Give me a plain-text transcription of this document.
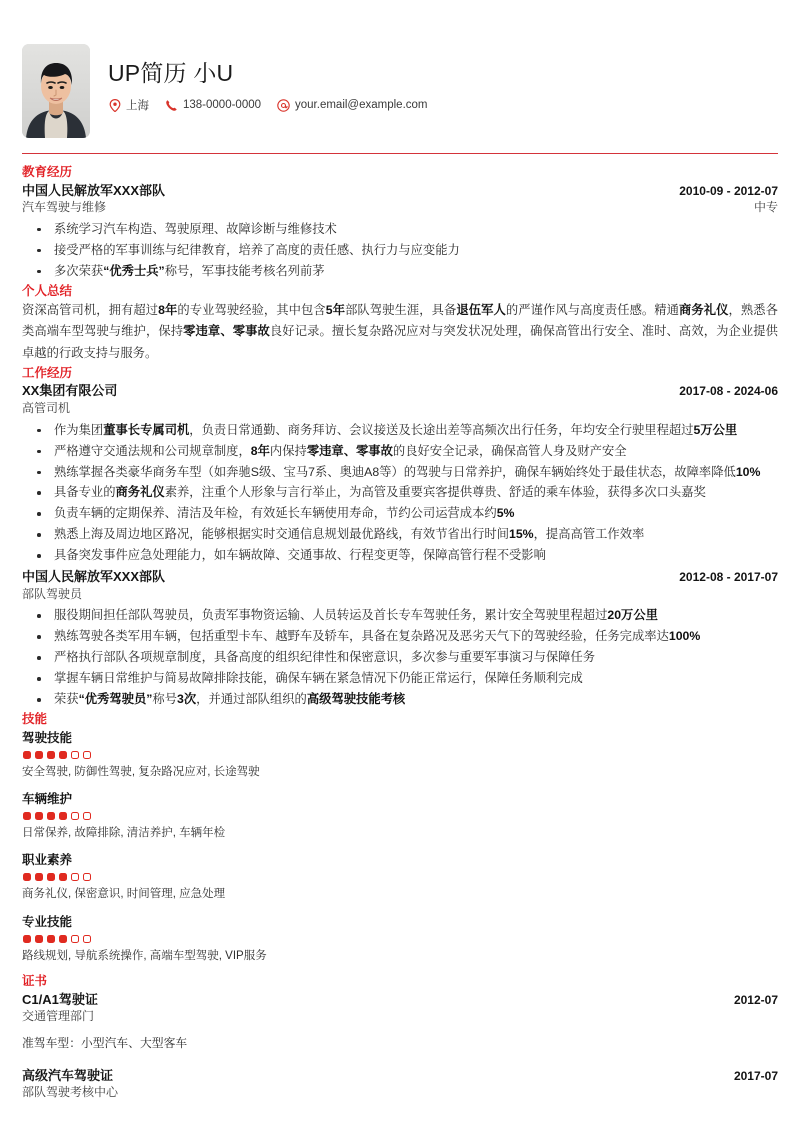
UP简历 小U
上海	138-0000-0000	your.email@example.com
教育经历
中国人民解放军XXX部队	2010-09 - 2012-07
汽车驾驶与维修	中专
系统学习汽车构造、驾驶原理、故障诊断与维修技术
接受严格的军事训练与纪律教育，培养了高度的责任感、执行力与应变能力
多次荣获“优秀士兵”称号，军事技能考核名列前茅
个人总结
资深高管司机，拥有超过8年的专业驾驶经验，其中包含5年部队驾驶生涯，具备退伍军人的严谨作风与高度责任感。精通商务礼仪，熟悉各类高端车型驾驶与维护，保持零违章、零事故良好记录。擅长复杂路况应对与突发状况处理，确保高管出行安全、准时、高效，为企业提供卓越的行政支持与服务。
工作经历
XX集团有限公司	2017-08 - 2024-06
高管司机
作为集团董事长专属司机，负责日常通勤、商务拜访、会议接送及长途出差等高频次出行任务，年均安全行驶里程超过5万公里
严格遵守交通法规和公司规章制度，8年内保持零违章、零事故的良好安全记录，确保高管人身及财产安全
熟练掌握各类豪华商务车型（如奔驰S级、宝马7系、奥迪A8等）的驾驶与日常养护，确保车辆始终处于最佳状态，故障率降低10%
具备专业的商务礼仪素养，注重个人形象与言行举止，为高管及重要宾客提供尊贵、舒适的乘车体验，获得多次口头嘉奖
负责车辆的定期保养、清洁及年检，有效延长车辆使用寿命，节约公司运营成本约5%
熟悉上海及周边地区路况，能够根据实时交通信息规划最优路线，有效节省出行时间15%，提高高管工作效率
具备突发事件应急处理能力，如车辆故障、交通事故、行程变更等，保障高管行程不受影响
中国人民解放军XXX部队	2012-08 - 2017-07
部队驾驶员
服役期间担任部队驾驶员，负责军事物资运输、人员转运及首长专车驾驶任务，累计安全驾驶里程超过20万公里
熟练驾驶各类军用车辆，包括重型卡车、越野车及轿车，具备在复杂路况及恶劣天气下的驾驶经验，任务完成率达100%
严格执行部队各项规章制度，具备高度的组织纪律性和保密意识，多次参与重要军事演习与保障任务
掌握车辆日常维护与简易故障排除技能，确保车辆在紧急情况下仍能正常运行，保障任务顺利完成
荣获“优秀驾驶员”称号3次，并通过部队组织的高级驾驶技能考核
技能
驾驶技能
安全驾驶, 防御性驾驶, 复杂路况应对, 长途驾驶
车辆维护
日常保养, 故障排除, 清洁养护, 车辆年检
职业素养
商务礼仪, 保密意识, 时间管理, 应急处理
专业技能
路线规划, 导航系统操作, 高端车型驾驶, VIP服务
证书
C1/A1驾驶证	2012-07
交通管理部门
准驾车型：小型汽车、大型客车
高级汽车驾驶证	2017-07
部队驾驶考核中心
